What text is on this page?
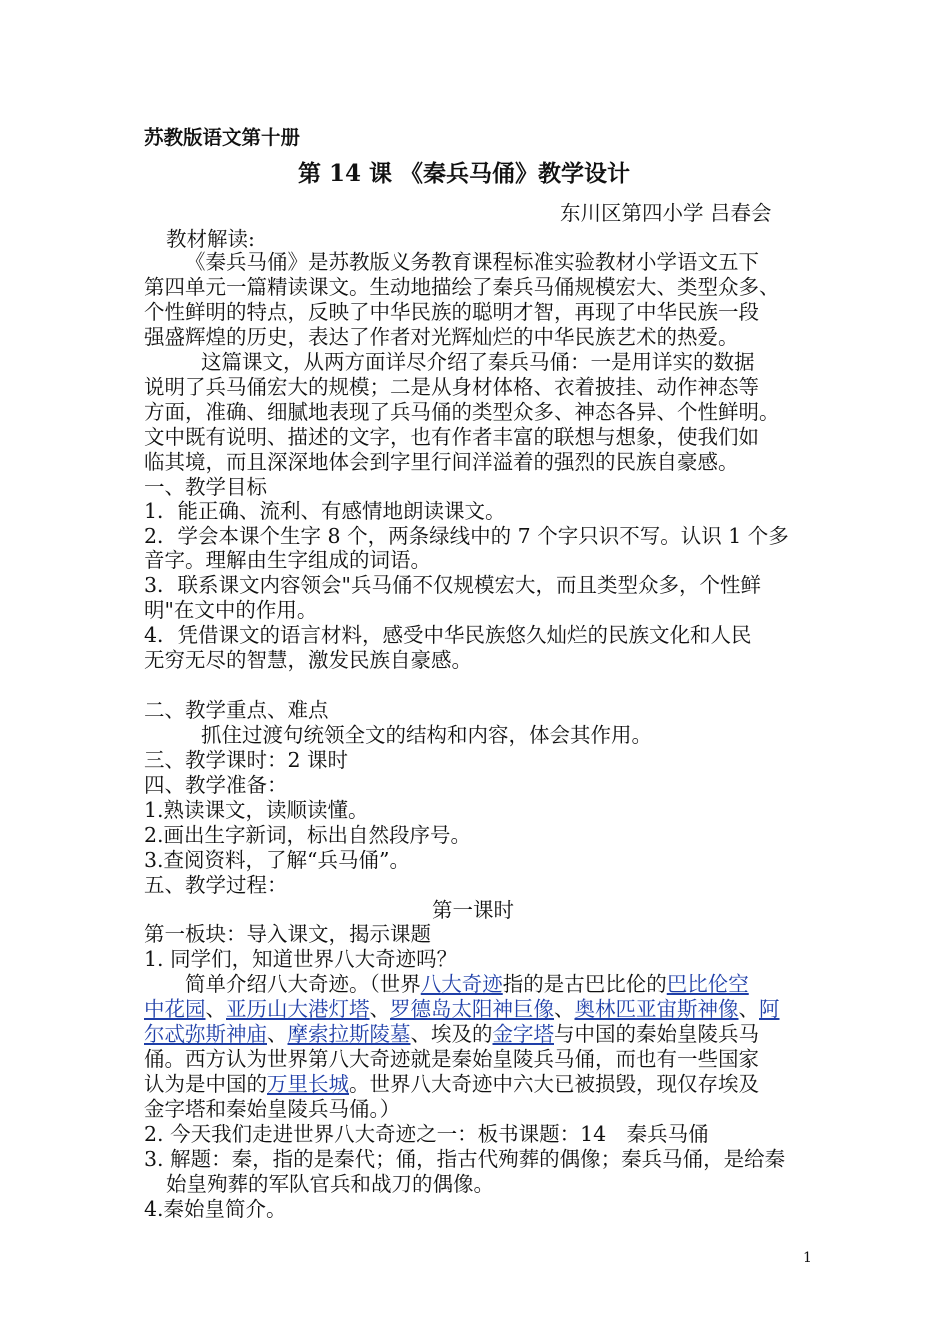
苏教版语文第十册
第 14 课 《秦兵马俑》教学设计
东川区第四小学 吕春会
教材解读:
《秦兵马俑》是苏教版义务教育课程标准实验教材小学语文五下
第四单元一篇精读课文。生动地描绘了秦兵马俑规模宏大、类型众多、
个性鲜明的特点，反映了中华民族的聪明才智，再现了中华民族一段
强盛辉煌的历史，表达了作者对光辉灿烂的中华民族艺术的热爱。
这篇课文，从两方面详尽介绍了秦兵马俑：一是用详实的数据
说明了兵马俑宏大的规模；二是从身材体格、衣着披挂、动作神态等
方面，准确、细腻地表现了兵马俑的类型众多、神态各异、个性鲜明。
文中既有说明、描述的文字，也有作者丰富的联想与想象，使我们如
临其境，而且深深地体会到字里行间洋溢着的强烈的民族自豪感。
一、教学目标
1．能正确、流利、有感情地朗读课文。
2．学会本课个生字 8 个，两条绿线中的 7 个字只识不写。认识 1 个多
音字。理解由生字组成的词语。
3．联系课文内容领会"兵马俑不仅规模宏大，而且类型众多，个性鲜
明"在文中的作用。
4．凭借课文的语言材料，感受中华民族悠久灿烂的民族文化和人民
无穷无尽的智慧，激发民族自豪感。
二、教学重点、难点
抓住过渡句统领全文的结构和内容，体会其作用。
三、教学课时：2 课时
四、教学准备：
1.熟读课文，读顺读懂。
2.画出生字新词，标出自然段序号。
3.查阅资料，了解“兵马俑”。
五、教学过程：
第一课时
第一板块：导入课文，揭示课题
1. 同学们，知道世界八大奇迹吗？
简单介绍八大奇迹。（世界八大奇迹指的是古巴比伦的巴比伦空
中花园、亚历山大港灯塔、罗德岛太阳神巨像、奥林匹亚宙斯神像、阿
尔忒弥斯神庙、摩索拉斯陵墓、埃及的金字塔与中国的秦始皇陵兵马
俑。西方认为世界第八大奇迹就是秦始皇陵兵马俑，而也有一些国家
认为是中国的万里长城。世界八大奇迹中六大已被损毁，现仅存埃及
金字塔和秦始皇陵兵马俑。）
2. 今天我们走进世界八大奇迹之一：板书课题：14　秦兵马俑
3. 解题：秦，指的是秦代；俑，指古代殉葬的偶像；秦兵马俑，是给秦
始皇殉葬的军队官兵和战刀的偶像。
4.秦始皇简介。
1
